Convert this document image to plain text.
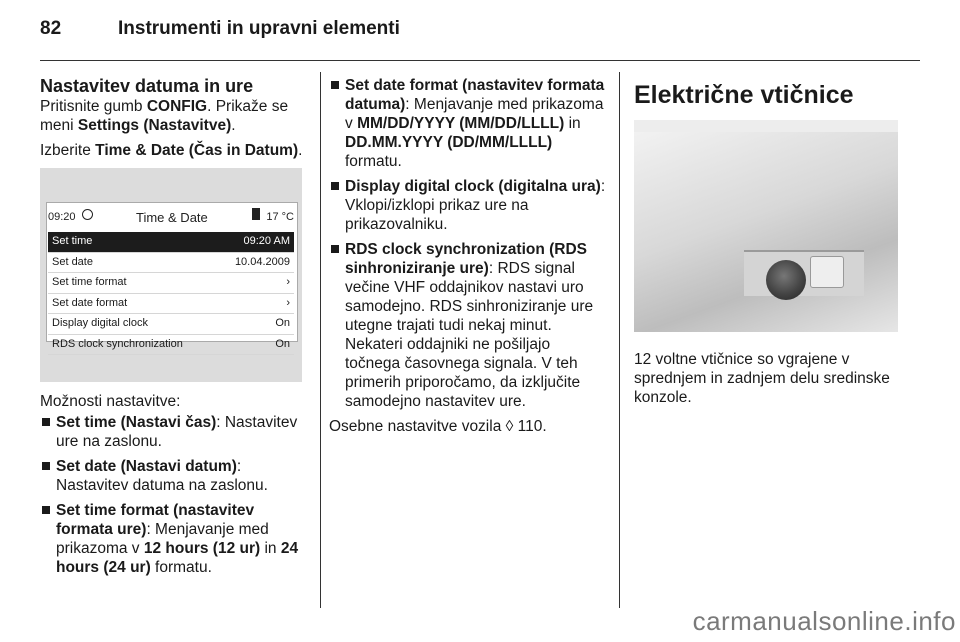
82	Instrumenti in upravni elementi
Nastavitev datuma in ure

Pritisnite gumb CONFIG. Prikaže se meni Settings (Nastavitve).

Izberite Time & Date (Čas in Datum).

09:20	Time & Date	17 °C
Set time	09:20 AM
Set date	10.04.2009
Set time format	›
Set date format	›
Display digital clock	On
RDS clock synchronization	On

Možnosti nastavitve:

Set time (Nastavi čas): Nastavitev ure na zaslonu.
Set date (Nastavi datum): Nastavitev datuma na zaslonu.
Set time format (nastavitev formata ure): Menjavanje med prikazoma v 12 hours (12 ur) in 24 hours (24 ur) formatu.
Set date format (nastavitev formata datuma): Menjavanje med prikazoma v MM/DD/YYYY (MM/DD/LLLL) in DD.MM.YYYY (DD/MM/LLLL) formatu.
Display digital clock (digitalna ura): Vklopi/izklopi prikaz ure na prikazovalniku.
RDS clock synchronization (RDS sinhroniziranje ure): RDS signal večine VHF oddajnikov nastavi uro samodejno. RDS sinhroniziranje ure utegne trajati tudi nekaj minut. Nekateri oddajniki ne pošiljajo točnega časovnega signala. V teh primerih priporočamo, da izključite samodejno nastavitev ure.

Osebne nastavitve vozila ◊ 110.

Električne vtičnice

12 voltne vtičnice so vgrajene v sprednjem in zadnjem delu sredinske konzole.

carmanualsonline.info
